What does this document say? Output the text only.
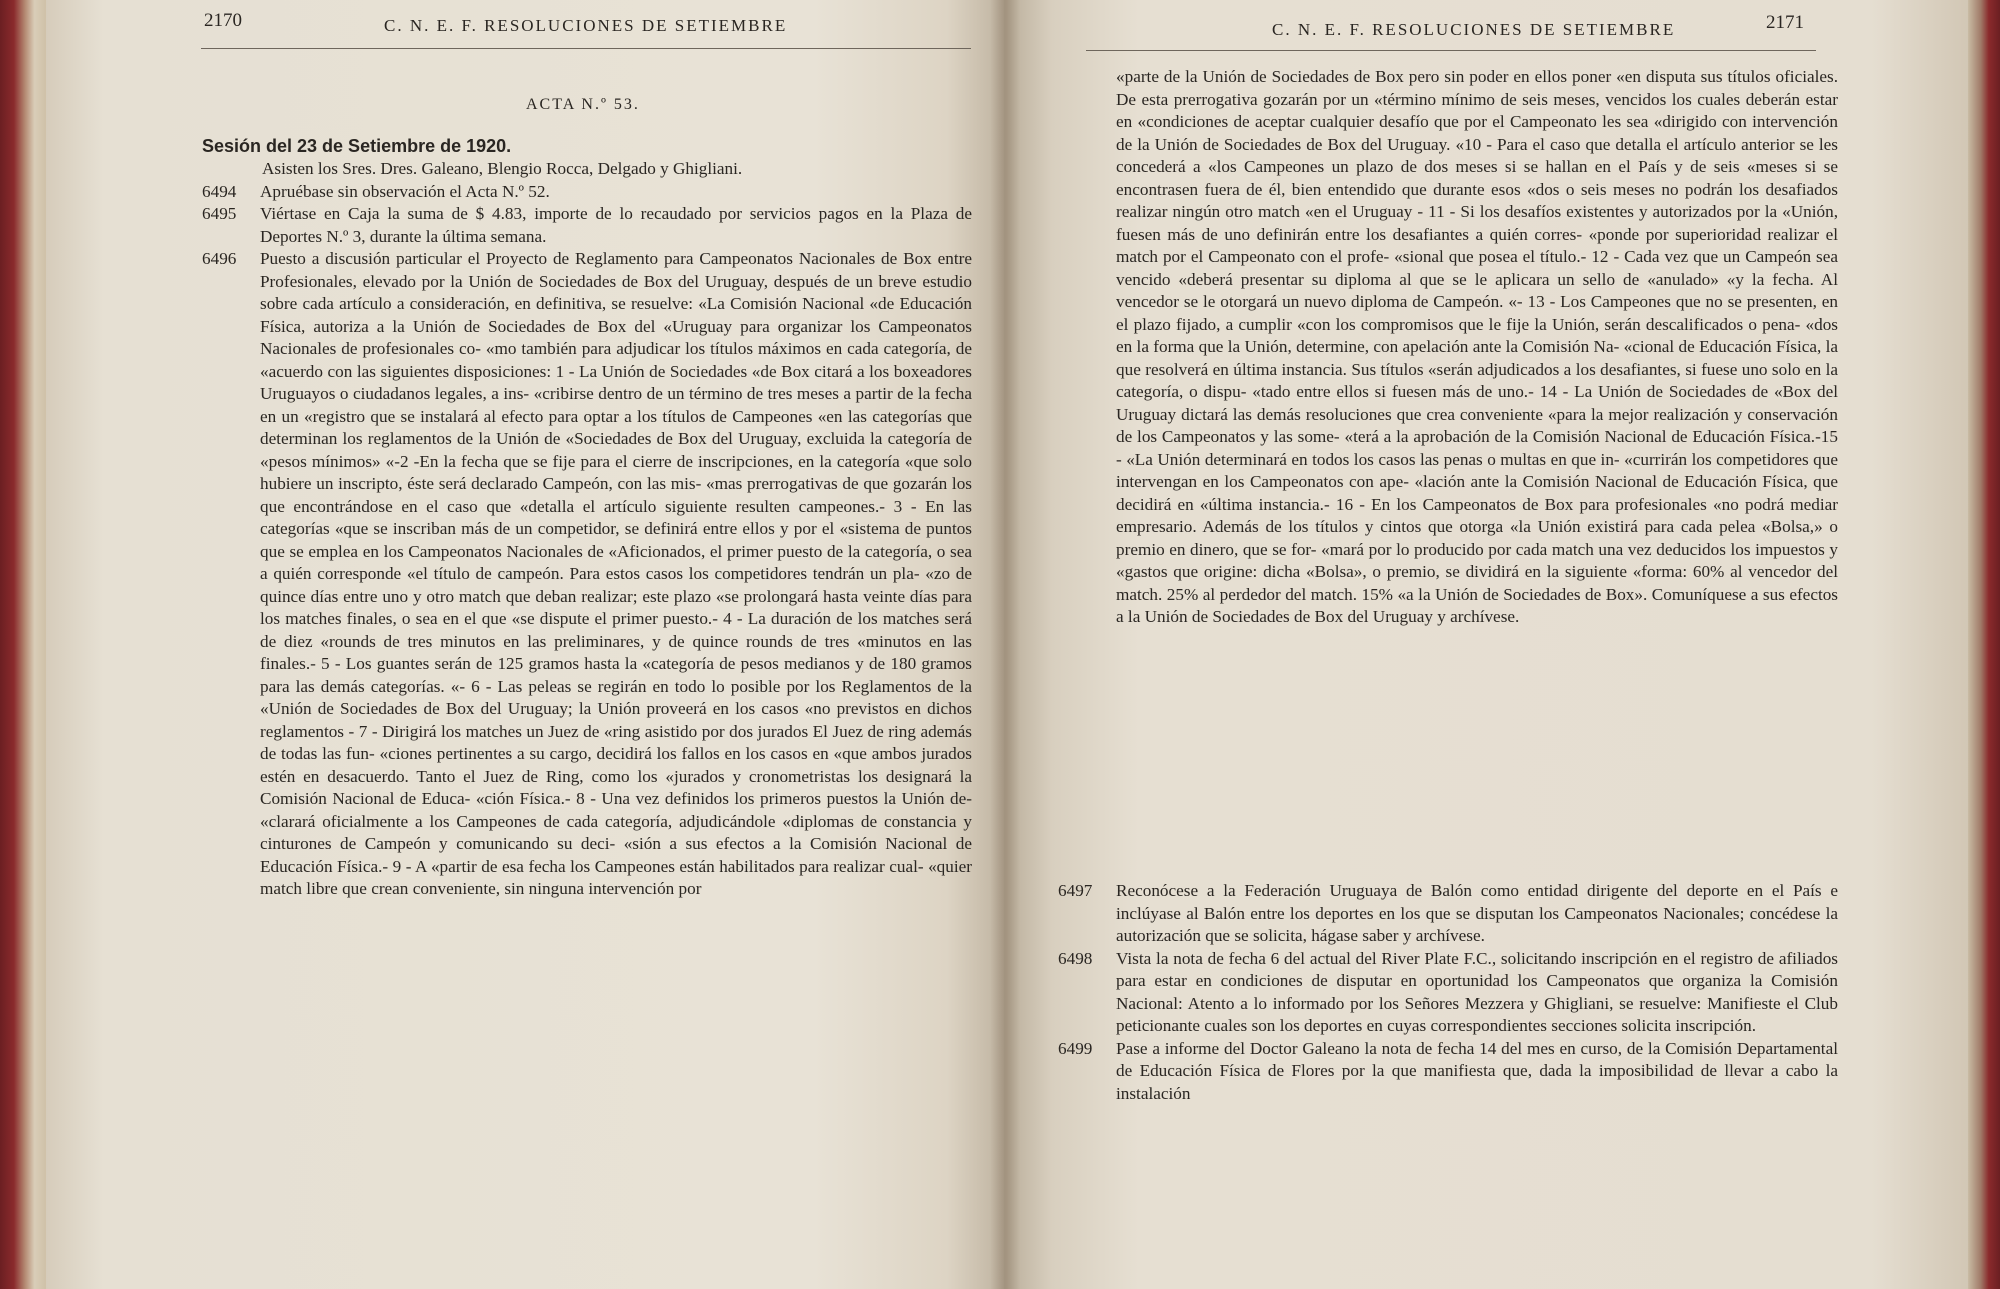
2170	C. N. E. F. RESOLUCIONES DE SETIEMBRE
ACTA N.º 53.
Sesión del 23 de Setiembre de 1920.
Asisten los Sres. Dres. Galeano, Blengio Rocca, Delgado y Ghigliani.
6494 Apruébase sin observación el Acta N.º 52.
6495 Viértase en Caja la suma de $ 4.83, importe de lo recaudado por servicios pagos en la Plaza de Deportes N.º 3, durante la última semana.
6496 Puesto a discusión particular el Proyecto de Reglamento para Campeonatos Nacionales de Box entre Profesionales, elevado por la Unión de Sociedades de Box del Uruguay, después de un breve estudio sobre cada artículo a consideración, en definitiva, se resuelve: «La Comisión Nacional «de Educación Física, autoriza a la Unión de Sociedades de Box del «Uruguay para organizar los Campeonatos Nacionales de profesionales co- «mo también para adjudicar los títulos máximos en cada categoría, de «acuerdo con las siguientes disposiciones: 1 - La Unión de Sociedades «de Box citará a los boxeadores Uruguayos o ciudadanos legales, a ins- «cribirse dentro de un término de tres meses a partir de la fecha en un «registro que se instalará al efecto para optar a los títulos de Campeones «en las categorías que determinan los reglamentos de la Unión de «Sociedades de Box del Uruguay, excluida la categoría de «pesos mínimos» «-2 -En la fecha que se fije para el cierre de inscripciones, en la categoría «que solo hubiere un inscripto, éste será declarado Campeón, con las mis- «mas prerrogativas de que gozarán los que encontrándose en el caso que «detalla el artículo siguiente resulten campeones.- 3 - En las categorías «que se inscriban más de un competidor, se definirá entre ellos y por el «sistema de puntos que se emplea en los Campeonatos Nacionales de «Aficionados, el primer puesto de la categoría, o sea a quién corresponde «el título de campeón. Para estos casos los competidores tendrán un pla- «zo de quince días entre uno y otro match que deban realizar; este plazo «se prolongará hasta veinte días para los matches finales, o sea en el que «se dispute el primer puesto.- 4 - La duración de los matches será de diez «rounds de tres minutos en las preliminares, y de quince rounds de tres «minutos en las finales.- 5 - Los guantes serán de 125 gramos hasta la «categoría de pesos medianos y de 180 gramos para las demás categorías. «- 6 - Las peleas se regirán en todo lo posible por los Reglamentos de la «Unión de Sociedades de Box del Uruguay; la Unión proveerá en los casos «no previstos en dichos reglamentos - 7 - Dirigirá los matches un Juez de «ring asistido por dos jurados El Juez de ring además de todas las fun- «ciones pertinentes a su cargo, decidirá los fallos en los casos en «que ambos jurados estén en desacuerdo. Tanto el Juez de Ring, como los «jurados y cronometristas los designará la Comisión Nacional de Educa- «ción Física.- 8 - Una vez definidos los primeros puestos la Unión de- «clarará oficialmente a los Campeones de cada categoría, adjudicándole «diplomas de constancia y cinturones de Campeón y comunicando su deci- «sión a sus efectos a la Comisión Nacional de Educación Física.- 9 - A «partir de esa fecha los Campeones están habilitados para realizar cual- «quier match libre que crean conveniente, sin ninguna intervención por
C. N. E. F. RESOLUCIONES DE SETIEMBRE	2171
«parte de la Unión de Sociedades de Box pero sin poder en ellos poner «en disputa sus títulos oficiales. De esta prerrogativa gozarán por un «término mínimo de seis meses, vencidos los cuales deberán estar en «condiciones de aceptar cualquier desafío que por el Campeonato les sea «dirigido con intervención de la Unión de Sociedades de Box del Uruguay. «10 - Para el caso que detalla el artículo anterior se les concederá a «los Campeones un plazo de dos meses si se hallan en el País y de seis «meses si se encontrasen fuera de él, bien entendido que durante esos «dos o seis meses no podrán los desafiados realizar ningún otro match «en el Uruguay - 11 - Si los desafíos existentes y autorizados por la «Unión, fuesen más de uno definirán entre los desafiantes a quién corres- «ponde por superioridad realizar el match por el Campeonato con el profe- «sional que posea el título.- 12 - Cada vez que un Campeón sea vencido «deberá presentar su diploma al que se le aplicara un sello de «anulado» «y la fecha. Al vencedor se le otorgará un nuevo diploma de Campeón. «- 13 - Los Campeones que no se presenten, en el plazo fijado, a cumplir «con los compromisos que le fije la Unión, serán descalificados o pena- «dos en la forma que la Unión, determine, con apelación ante la Comisión Na- «cional de Educación Física, la que resolverá en última instancia. Sus títulos «serán adjudicados a los desafiantes, si fuese uno solo en la categoría, o dispu- «tado entre ellos si fuesen más de uno.- 14 - La Unión de Sociedades de «Box del Uruguay dictará las demás resoluciones que crea conveniente «para la mejor realización y conservación de los Campeonatos y las some- «terá a la aprobación de la Comisión Nacional de Educación Física.-15 - «La Unión determinará en todos los casos las penas o multas en que in- «currirán los competidores que intervengan en los Campeonatos con ape- «lación ante la Comisión Nacional de Educación Física, que decidirá en «última instancia.- 16 - En los Campeonatos de Box para profesionales «no podrá mediar empresario. Además de los títulos y cintos que otorga «la Unión existirá para cada pelea «Bolsa,» o premio en dinero, que se for- «mará por lo producido por cada match una vez deducidos los impuestos y «gastos que origine: dicha «Bolsa», o premio, se dividirá en la siguiente «forma: 60% al vencedor del match. 25% al perdedor del match. 15% «a la Unión de Sociedades de Box». Comuníquese a sus efectos a la Unión de Sociedades de Box del Uruguay y archívese.
6497 Reconócese a la Federación Uruguaya de Balón como entidad dirigente del deporte en el País e inclúyase al Balón entre los deportes en los que se disputan los Campeonatos Nacionales; concédese la autorización que se solicita, hágase saber y archívese.
6498 Vista la nota de fecha 6 del actual del River Plate F.C., solicitando inscripción en el registro de afiliados para estar en condiciones de disputar en oportunidad los Campeonatos que organiza la Comisión Nacional: Atento a lo informado por los Señores Mezzera y Ghigliani, se resuelve: Manifieste el Club peticionante cuales son los deportes en cuyas correspondientes secciones solicita inscripción.
6499 Pase a informe del Doctor Galeano la nota de fecha 14 del mes en curso, de la Comisión Departamental de Educación Física de Flores por la que manifiesta que, dada la imposibilidad de llevar a cabo la instalación
